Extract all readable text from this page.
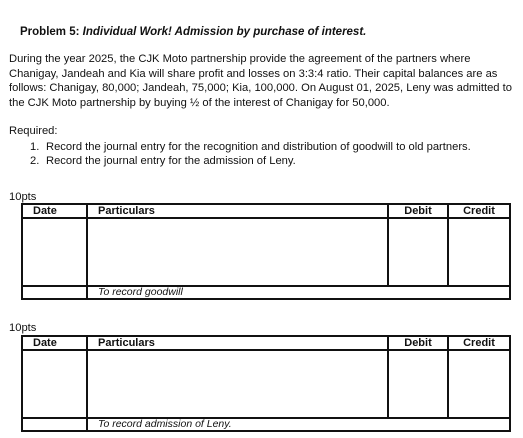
Problem 5: Individual Work! Admission by purchase of interest.
During the year 2025, the CJK Moto partnership provide the agreement of the partners where Chanigay, Jandeah and Kia will share profit and losses on 3:3:4 ratio. Their capital balances are as follows: Chanigay, 80,000; Jandeah, 75,000; Kia, 100,000. On August 01, 2025, Leny was admitted to the CJK Moto partnership by buying ½ of the interest of Chanigay for 50,000.
Required:
1. Record the journal entry for the recognition and distribution of goodwill to old partners.
2. Record the journal entry for the admission of Leny.
10pts
Date	Particulars	Debit	Credit

	To record goodwill		
10pts
Date	Particulars	Debit	Credit

	To record admission of Leny.		
